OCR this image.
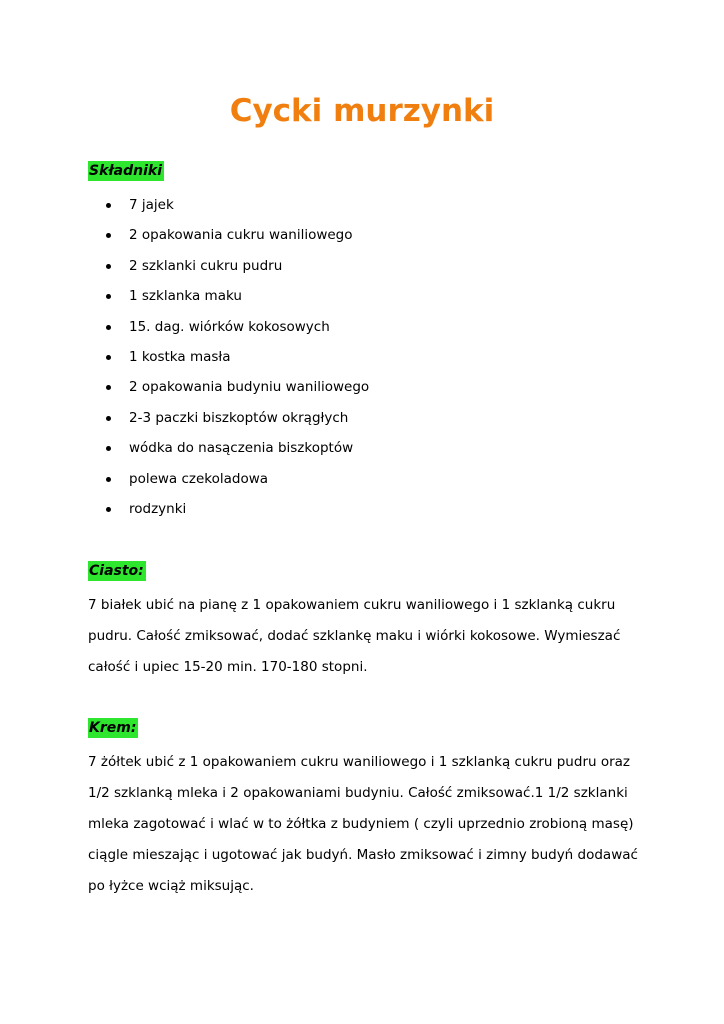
Cycki murzynki
Składniki
7 jajek
2 opakowania cukru waniliowego
2 szklanki cukru pudru
1 szklanka maku
15. dag. wiórków kokosowych
1 kostka masła
2 opakowania budyniu waniliowego
2-3 paczki biszkoptów okrągłych
wódka do nasączenia biszkoptów
polewa czekoladowa
rodzynki
Ciasto:

7 białek ubić na pianę z 1 opakowaniem cukru waniliowego i 1 szklanką cukru
pudru. Całość zmiksować, dodać szklankę maku i wiórki kokosowe. Wymieszać
całość i upiec 15-20 min. 170-180 stopni.

Krem:

7 żółtek ubić z 1 opakowaniem cukru waniliowego i 1 szklanką cukru pudru oraz
1/2 szklanką mleka i 2 opakowaniami budyniu. Całość zmiksować.1 1/2 szklanki
mleka zagotować i wlać w to żółtka z budyniem ( czyli uprzednio zrobioną masę)
ciągle mieszając i ugotować jak budyń. Masło zmiksować i zimny budyń dodawać
po łyżce wciąż miksując.
